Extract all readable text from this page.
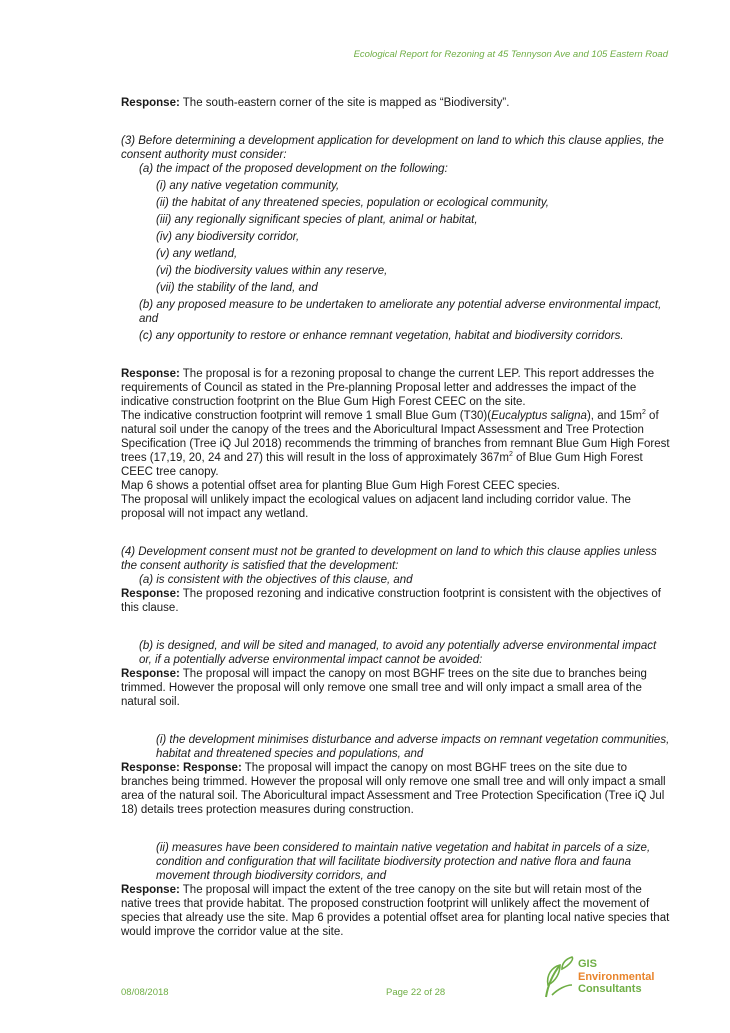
Ecological Report for Rezoning at 45 Tennyson Ave and 105 Eastern Road

Response: The south-eastern corner of the site is mapped as “Biodiversity”.

(3) Before determining a development application for development on land to which this clause applies, the consent authority must consider:

(a) the impact of the proposed development on the following:

(i) any native vegetation community,

(ii) the habitat of any threatened species, population or ecological community,

(iii) any regionally significant species of plant, animal or habitat,

(iv) any biodiversity corridor,

(v) any wetland,

(vi) the biodiversity values within any reserve,

(vii) the stability of the land, and

(b) any proposed measure to be undertaken to ameliorate any potential adverse environmental impact, and

(c) any opportunity to restore or enhance remnant vegetation, habitat and biodiversity corridors.

Response: The proposal is for a rezoning proposal to change the current LEP. This report addresses the requirements of Council as stated in the Pre-planning Proposal letter and addresses the impact of the indicative construction footprint on the Blue Gum High Forest CEEC on the site.

The indicative construction footprint will remove 1 small Blue Gum (T30)(Eucalyptus saligna), and $15m^2$ of natural soil under the canopy of the trees and the Aboricultural Impact Assessment and Tree Protection Specification (Tree iQ Jul 2018) recommends the trimming of branches from remnant Blue Gum High Forest trees (17,19, 20, 24 and 27) this will result in the loss of approximately $367m^2$ of Blue Gum High Forest CEEC tree canopy.

Map 6 shows a potential offset area for planting Blue Gum High Forest CEEC species.

The proposal will unlikely impact the ecological values on adjacent land including corridor value. The proposal will not impact any wetland.

(4) Development consent must not be granted to development on land to which this clause applies unless the consent authority is satisfied that the development:

(a) is consistent with the objectives of this clause, and

Response: The proposed rezoning and indicative construction footprint is consistent with the objectives of this clause.

(b) is designed, and will be sited and managed, to avoid any potentially adverse environmental impact or, if a potentially adverse environmental impact cannot be avoided:

Response: The proposal will impact the canopy on most BGHF trees on the site due to branches being trimmed. However the proposal will only remove one small tree and will only impact a small area of the natural soil.

(i) the development minimises disturbance and adverse impacts on remnant vegetation communities, habitat and threatened species and populations, and

Response: Response: The proposal will impact the canopy on most BGHF trees on the site due to branches being trimmed. However the proposal will only remove one small tree and will only impact a small area of the natural soil. The Aboricultural impact Assessment and Tree Protection Specification (Tree iQ Jul 18) details trees protection measures during construction.

(ii) measures have been considered to maintain native vegetation and habitat in parcels of a size, condition and configuration that will facilitate biodiversity protection and native flora and fauna movement through biodiversity corridors, and

Response: The proposal will impact the extent of the tree canopy on the site but will retain most of the native trees that provide habitat. The proposed construction footprint will unlikely affect the movement of species that already use the site. Map 6 provides a potential offset area for planting local native species that would improve the corridor value at the site.

08/08/2018	Page 22 of 28
GIS
Environmental
Consultants
